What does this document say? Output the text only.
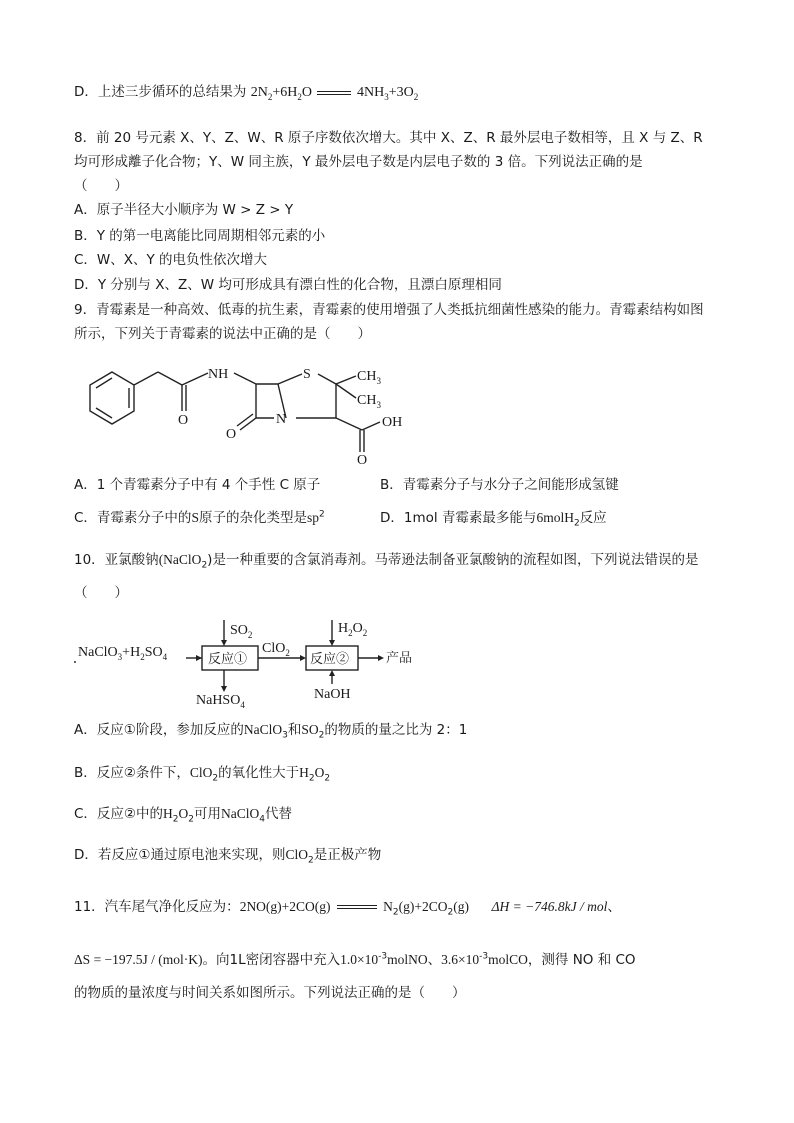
D．上述三步循环的总结果为 $2N_2+6H_2O$	$4NH_3+3O_2$
8．前 20 号元素 X、Y、Z、W、R 原子序数依次增大。其中 X、Z、R 最外层电子数相等，且 X 与 Z、R
均可形成離子化合物；Y、W 同主族，Y 最外层电子数是内层电子数的 3 倍。下列说法正确的是
（　　）
A．原子半径大小顺序为 W > Z > Y
B．Y 的第一电离能比同周期相邻元素的小
C．W、X、Y 的电负性依次增大
D．Y 分别与 X、Z、W 均可形成具有漂白性的化合物，且漂白原理相同
9．青霉素是一种高效、低毒的抗生素，青霉素的使用增强了人类抵抗细菌性感染的能力。青霉素结构如图
所示，下列关于青霉素的说法中正确的是（　　）
NH	S	$CH_3$
$CH_3$
N
O
O
OH
O
A．1 个青霉素分子中有 4 个手性 C 原子	B．青霉素分子与水分子之间能形成氢键
C．青霉素分子中的S原子的杂化类型是$sp^2$	D．1mol 青霉素最多能与6molH$_2$反应
10．亚氯酸钠(NaClO$_2$)是一种重要的含氯消毒剂。马蒂逊法制备亚氯酸钠的流程如图，下列说法错误的是
（　　）
$NaClO_3+H_2SO_4$
$SO_2$
反应①
ClO$_2$ 反应②
$H_2O_2$
产品
NaHSO$_4$
NaOH
A．反应①阶段，参加反应的NaClO$_3$和$SO_2$的物质的量之比为 2：1
B．反应②条件下，ClO$_2$的氧化性大于$H_2O_2$
C．反应②中的$H_2O_2$可用NaClO$_4$代替
D．若反应①通过原电池来实现，则ClO$_2$是正极产物
11．汽车尾气净化反应为：2NO(g)+2CO(g)	$N_2(g)+2CO_2(g) \Delta H = -746.8kJ$ / mol、
ΔS = −197.5J / (mol·K)。向1L密闭容器中充入$1.0\times 10^{-3}molNO$、$3.6\times 10^{-3}molCO$，测得 NO 和 CO
的物质的量浓度与时间关系如图所示。下列说法正确的是（　　）
